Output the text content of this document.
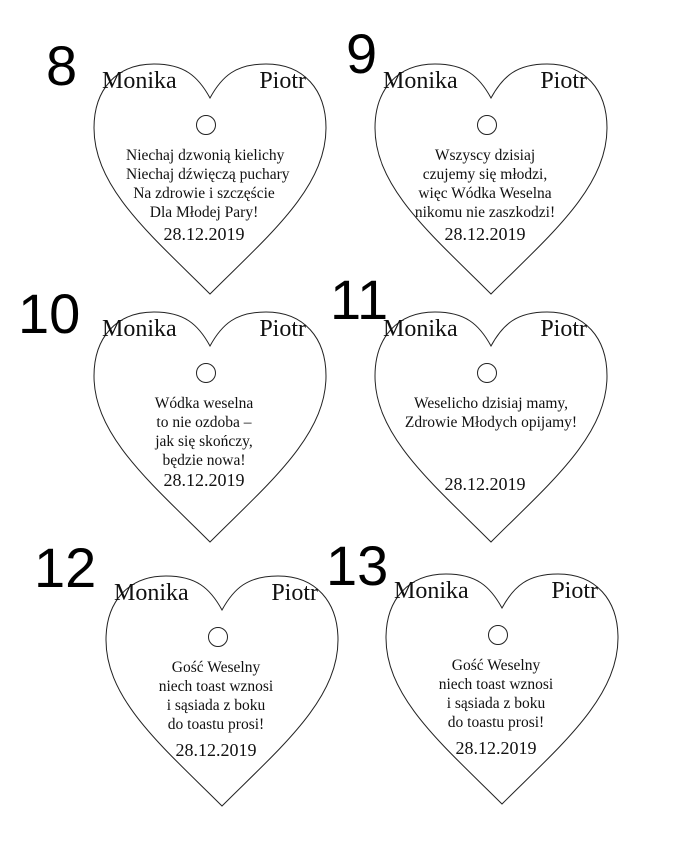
8 Monika	Piotr
Niechaj dzwonią kielichy
Niechaj dźwięczą puchary
Na zdrowie i szczęście
Dla Młodej Pary!
28.12.2019
9 Monika	Piotr
Wszyscy dzisiaj
czujemy się młodzi,
więc Wódka Weselna
nikomu nie zaszkodzi!
28.12.2019
10 Monika	Piotr
Wódka weselna
to nie ozdoba –
jak się skończy,
będzie nowa!
28.12.2019
11
Monika	Piotr
Weselicho dzisiaj mamy,
Zdrowie Młodych opijamy!
28.12.2019
12 Monika	Piotr
Gość Weselny
niech toast wznosi
i sąsiada z boku
do toastu prosi!
28.12.2019
13 Monika	Piotr
Gość Weselny
niech toast wznosi
i sąsiada z boku
do toastu prosi!
28.12.2019
